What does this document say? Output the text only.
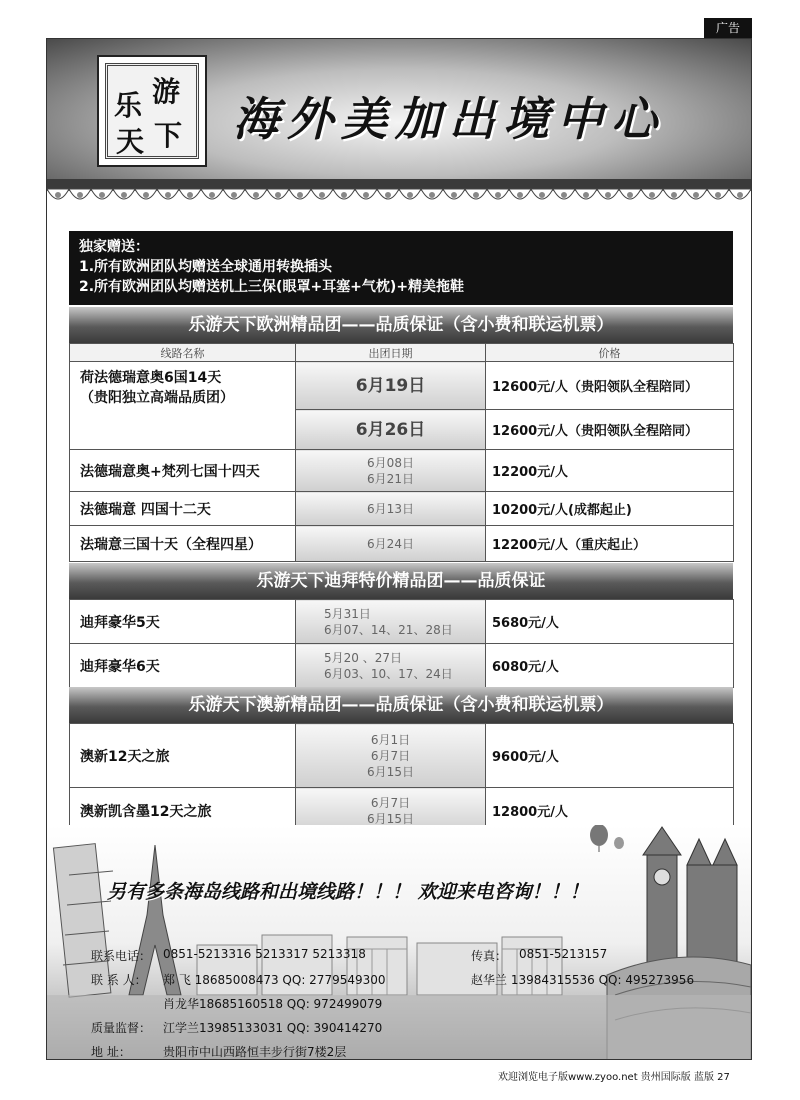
广告
乐 游
天 下 海外美加出境中心
独家赠送：
1.所有欧洲团队均赠送全球通用转换插头
2.所有欧洲团队均赠送机上三保(眼罩+耳塞+气枕)+精美拖鞋
乐游天下欧洲精品团——品质保证（含小费和联运机票）
线路名称	出团日期	价格

荷法德瑞意奥6国14天
（贵阳独立高端品质团）	6月19日	12600元/人（贵阳领队全程陪同）
	6月26日	12600元/人（贵阳领队全程陪同）
法德瑞意奥+梵列七国十四天	6月08日
6月21日	12200元/人
法德瑞意 四国十二天	6月13日	10200元/人(成都起止)
法瑞意三国十天（全程四星）	6月24日	12200元/人（重庆起止）
乐游天下迪拜特价精品团——品质保证
迪拜豪华5天	5月31日
6月07、14、21、28日	5680元/人
迪拜豪华6天	5月20 、27日
6月03、10、17、24日	6080元/人
乐游天下澳新精品团——品质保证（含小费和联运机票）
澳新12天之旅	6月1日
6月7日
6月15日	9600元/人
澳新凯含墨12天之旅	6月7日
6月15日	12800元/人
另有多条海岛线路和出境线路！！！ 欢迎来电咨询！！！
联系电话： 0851-5213316 5213317 5213318	传真： 0851-5213157
联 系 人： 郑 飞 18685008473 QQ: 2779549300	赵华兰 13984315536 QQ: 495273956
肖龙华18685160518 QQ: 972499079
质量监督： 江学兰13985133031 QQ: 390414270
地 址：	贵阳市中山西路恒丰步行街7楼2层
欢迎浏览电子版www.zyoo.net 贵州国际版 蓝版 27
